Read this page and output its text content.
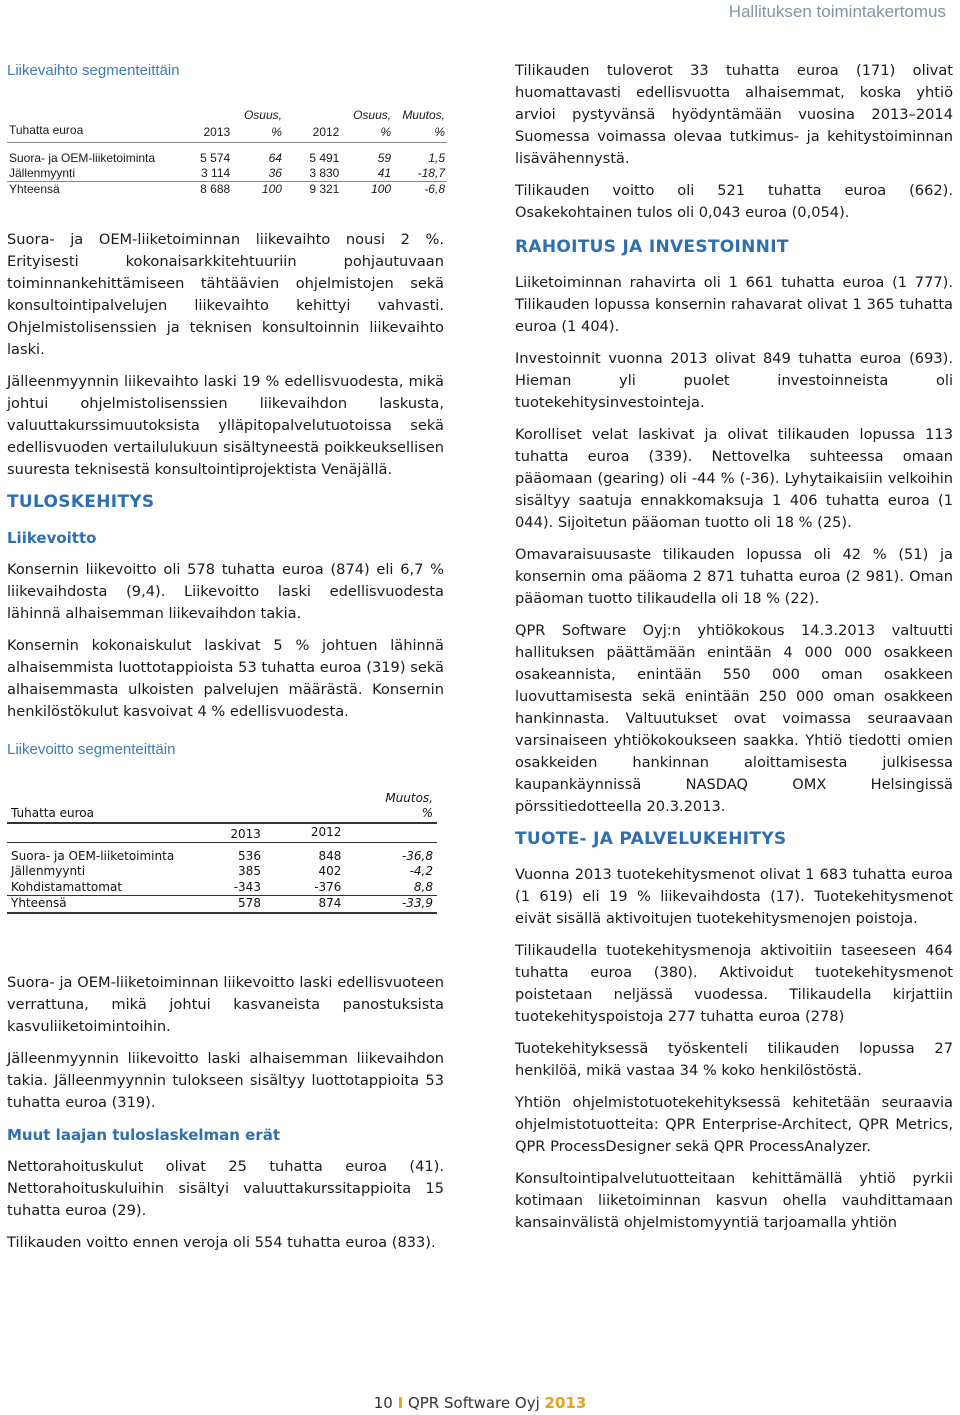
Hallituksen toimintakertomus
Liikevaihto segmenteittäin
		Osuus,		Osuus,	Muutos,
Tuhatta euroa	2013	%	2012	%	%

Suora- ja OEM-liiketoiminta	5 574	64	5 491	59	1,5
Jällenmyynti	3 114	36	3 830	41	-18,7
Yhteensä	8 688	100	9 321	100	-6,8

Suora- ja OEM-liiketoiminnan liikevaihto nousi 2 %. Erityisesti kokonaisarkkitehtuuriin pohjautuvaan toiminnankehittämiseen tähtäävien ohjelmistojen sekä konsultointipalvelujen liikevaihto kehittyi vahvasti. Ohjelmistolisenssien ja teknisen konsultoinnin liikevaihto laski.

Jälleenmyynnin liikevaihto laski 19 % edellisvuodesta, mikä johtui ohjelmistolisenssien liikevaihdon laskusta, valuuttakurssimuutoksista ylläpitopalvelutuotoissa sekä edellisvuoden vertailulukuun sisältyneestä poikkeuksellisen suuresta teknisestä konsultointiprojektista Venäjällä.

TULOSKEHITYS
Liikevoitto

Konsernin liikevoitto oli 578 tuhatta euroa (874) eli 6,7 % liikevaihdosta (9,4). Liikevoitto laski edellisvuodesta lähinnä alhaisemman liikevaihdon takia.

Konsernin kokonaiskulut laskivat 5 % johtuen lähinnä alhaisemmista luottotappioista 53 tuhatta euroa (319) sekä alhaisemmasta ulkoisten palvelujen määrästä. Konsernin henkilöstökulut kasvoivat 4 % edellisvuodesta.

Liikevoitto segmenteittäin
			Muutos,
Tuhatta euroa			%
	2013	2012	

Suora- ja OEM-liiketoiminta	536	848	-36,8
Jällenmyynti	385	402	-4,2
Kohdistamattomat	-343	-376	8,8
Yhteensä	578	874	-33,9

Suora- ja OEM-liiketoiminnan liikevoitto laski edellisvuoteen verrattuna, mikä johtui kasvaneista panostuksista kasvuliiketoimintoihin.

Jälleenmyynnin liikevoitto laski alhaisemman liikevaihdon takia. Jälleenmyynnin tulokseen sisältyy luottotappioita 53 tuhatta euroa (319).

Muut laajan tuloslaskelman erät

Nettorahoituskulut olivat 25 tuhatta euroa (41). Nettorahoituskuluihin sisältyi valuuttakurssitappioita 15 tuhatta euroa (29).

Tilikauden voitto ennen veroja oli 554 tuhatta euroa (833).

Tilikauden tuloverot 33 tuhatta euroa (171) olivat huomattavasti edellisvuotta alhaisemmat, koska yhtiö arvioi pystyvänsä hyödyntämään vuosina 2013–2014 Suomessa voimassa olevaa tutkimus- ja kehitystoiminnan lisävähennystä.

Tilikauden voitto oli 521 tuhatta euroa (662). Osakekohtainen tulos oli 0,043 euroa (0,054).

RAHOITUS JA INVESTOINNIT

Liiketoiminnan rahavirta oli 1 661 tuhatta euroa (1 777). Tilikauden lopussa konsernin rahavarat olivat 1 365 tuhatta euroa (1 404).

Investoinnit vuonna 2013 olivat 849 tuhatta euroa (693). Hieman yli puolet investoinneista oli tuotekehitysinvestointeja.

Korolliset velat laskivat ja olivat tilikauden lopussa 113 tuhatta euroa (339). Nettovelka suhteessa omaan pääomaan (gearing) oli -44 % (-36). Lyhytaikaisiin velkoihin sisältyy saatuja ennakkomaksuja 1 406 tuhatta euroa (1 044). Sijoitetun pääoman tuotto oli 18 % (25).

Omavaraisuusaste tilikauden lopussa oli 42 % (51) ja konsernin oma pääoma 2 871 tuhatta euroa (2 981). Oman pääoman tuotto tilikaudella oli 18 % (22).

QPR Software Oyj:n yhtiökokous 14.3.2013 valtuutti hallituksen päättämään enintään 4 000 000 osakkeen osakeannista, enintään 550 000 oman osakkeen luovuttamisesta sekä enintään 250 000 oman osakkeen hankinnasta. Valtuutukset ovat voimassa seuraavaan varsinaiseen yhtiökokoukseen saakka. Yhtiö tiedotti omien osakkeiden hankinnan aloittamisesta julkisessa kaupankäynnissä NASDAQ OMX Helsingissä pörssitiedotteella 20.3.2013.

TUOTE- JA PALVELUKEHITYS

Vuonna 2013 tuotekehitysmenot olivat 1 683 tuhatta euroa (1 619) eli 19 % liikevaihdosta (17). Tuotekehitysmenot eivät sisällä aktivoitujen tuotekehitysmenojen poistoja.

Tilikaudella tuotekehitysmenoja aktivoitiin taseeseen 464 tuhatta euroa (380). Aktivoidut tuotekehitysmenot poistetaan neljässä vuodessa. Tilikaudella kirjattiin tuotekehityspoistoja 277 tuhatta euroa (278)

Tuotekehityksessä työskenteli tilikauden lopussa 27 henkilöä, mikä vastaa 34 % koko henkilöstöstä.

Yhtiön ohjelmistotuotekehityksessä kehitetään seuraavia ohjelmistotuotteita: QPR Enterprise-Architect, QPR Metrics, QPR ProcessDesigner sekä QPR ProcessAnalyzer.

Konsultointipalvelutuotteitaan kehittämällä yhtiö pyrkii kotimaan liiketoiminnan kasvun ohella vauhdittamaan kansainvälistä ohjelmistomyyntiä tarjoamalla yhtiön

10 I QPR Software Oyj 2013
